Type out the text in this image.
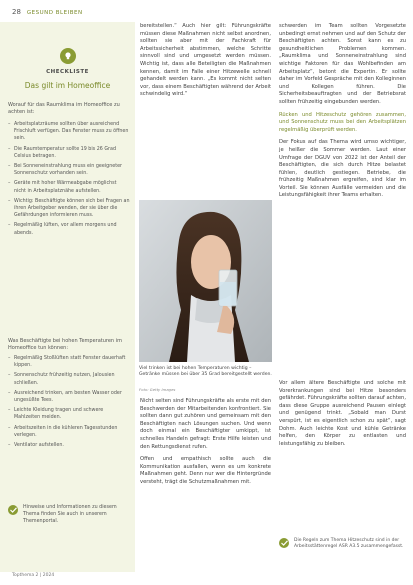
28 GESUND BLEIBEN
CHECKLISTE
Das gilt im Homeoffice
Worauf für das Raumklima im Homeoffice zu achten ist:
– Arbeitsplatzräume sollten über ausreichend Frischluft verfügen. Das Fenster muss zu öffnen sein.
– Die Raumtemperatur sollte 19 bis 26 Grad Celsius betragen.
– Bei Sonneneinstrahlung muss ein geeigneter Sonnenschutz vorhanden sein.
– Geräte mit hoher Wärmeabgabe möglichst nicht in Arbeitsplatznähe aufstellen.
– Wichtig: Beschäftigte können sich bei Fragen an ihren Arbeitgeber wenden, der sie über die Gefährdungen informieren muss.
– Regelmäßig lüften, vor allem morgens und abends.
Was Beschäftigte bei hohen Temperaturen im Homeoffice tun können:
– Regelmäßig Stoßlüften statt Fenster dauerhaft kippen.
– Sonnenschutz frühzeitig nutzen, Jalousien schließen.
– Ausreichend trinken, am besten Wasser oder ungesüßte Tees.
– Leichte Kleidung tragen und schwere Mahlzeiten meiden.
– Arbeitszeiten in die kühleren Tagesstunden verlegen.
– Ventilator aufstellen.
Hinweise und Informationen zu diesem Thema finden Sie auch in unserem Themenportal.
Topthema 2 | 2024

bereitstellen.“ Auch hier gilt: Führungskräfte müssen diese Maßnahmen nicht selbst anordnen, sollten sie aber mit der Fachkraft für Arbeitssicherheit abstimmen, welche Schritte sinnvoll sind und umgesetzt werden müssen. Wichtig ist, dass alle Beteiligten die Maßnahmen kennen, damit im Falle einer Hitzewelle schnell gehandelt werden kann. „Es kommt nicht selten vor, dass einem Beschäftigten während der Arbeit schwindelig wird.“

Viel trinken ist bei hohen Temperaturen wichtig – Getränke müssen bei über 35 Grad bereitgestellt werden.
Foto: Getty Images

Nicht selten sind Führungskräfte als erste mit den Beschwerden der Mitarbeitenden konfrontiert. Sie sollten dann gut zuhören und gemeinsam mit den Beschäftigten nach Lösungen suchen. Und wenn doch einmal ein Beschäftigter umkippt, ist schnelles Handeln gefragt: Erste Hilfe leisten und den Rettungsdienst rufen.

Offen und empathisch sollte auch die Kommunikation ausfallen, wenn es um konkrete Maßnahmen geht. Denn nur wer die Hintergründe versteht, trägt die Schutzmaßnahmen mit.

schwerden im Team sollten Vorgesetzte unbedingt ernst nehmen und auf den Schutz der Beschäftigten achten. Sonst kann es zu gesundheitlichen Problemen kommen. „Raumklima und Sonneneinstrahlung sind wichtige Faktoren für das Wohlbefinden am Arbeitsplatz“, betont die Expertin. Er sollte daher im Vorfeld Gespräche mit den Kolleginnen und Kollegen führen. Die Sicherheitsbeauftragten und der Betriebsrat sollten frühzeitig eingebunden werden.

Rücken und Hitzeschutz gehören zusammen, und Sonnenschutz muss bei den Arbeitsplätzen regelmäßig überprüft werden.

Der Fokus auf das Thema wird umso wichtiger, je heißer die Sommer werden. Laut einer Umfrage der DGUV von 2022 ist der Anteil der Beschäftigten, die sich durch Hitze belastet fühlen, deutlich gestiegen. Betriebe, die frühzeitig Maßnahmen ergreifen, sind klar im Vorteil. Sie können Ausfälle vermeiden und die Leistungsfähigkeit ihrer Teams erhalten.

Vor allem ältere Beschäftigte und solche mit Vorerkrankungen sind bei Hitze besonders gefährdet. Führungskräfte sollten darauf achten, dass diese Gruppe ausreichend Pausen einlegt und genügend trinkt. „Sobald man Durst verspürt, ist es eigentlich schon zu spät“, sagt Dohm. Auch leichte Kost und kühle Getränke helfen, den Körper zu entlasten und leistungsfähig zu bleiben.

Die Regeln zum Thema Hitzeschutz sind in der Arbeitsstättenregel ASR A3.5 zusammengefasst.
